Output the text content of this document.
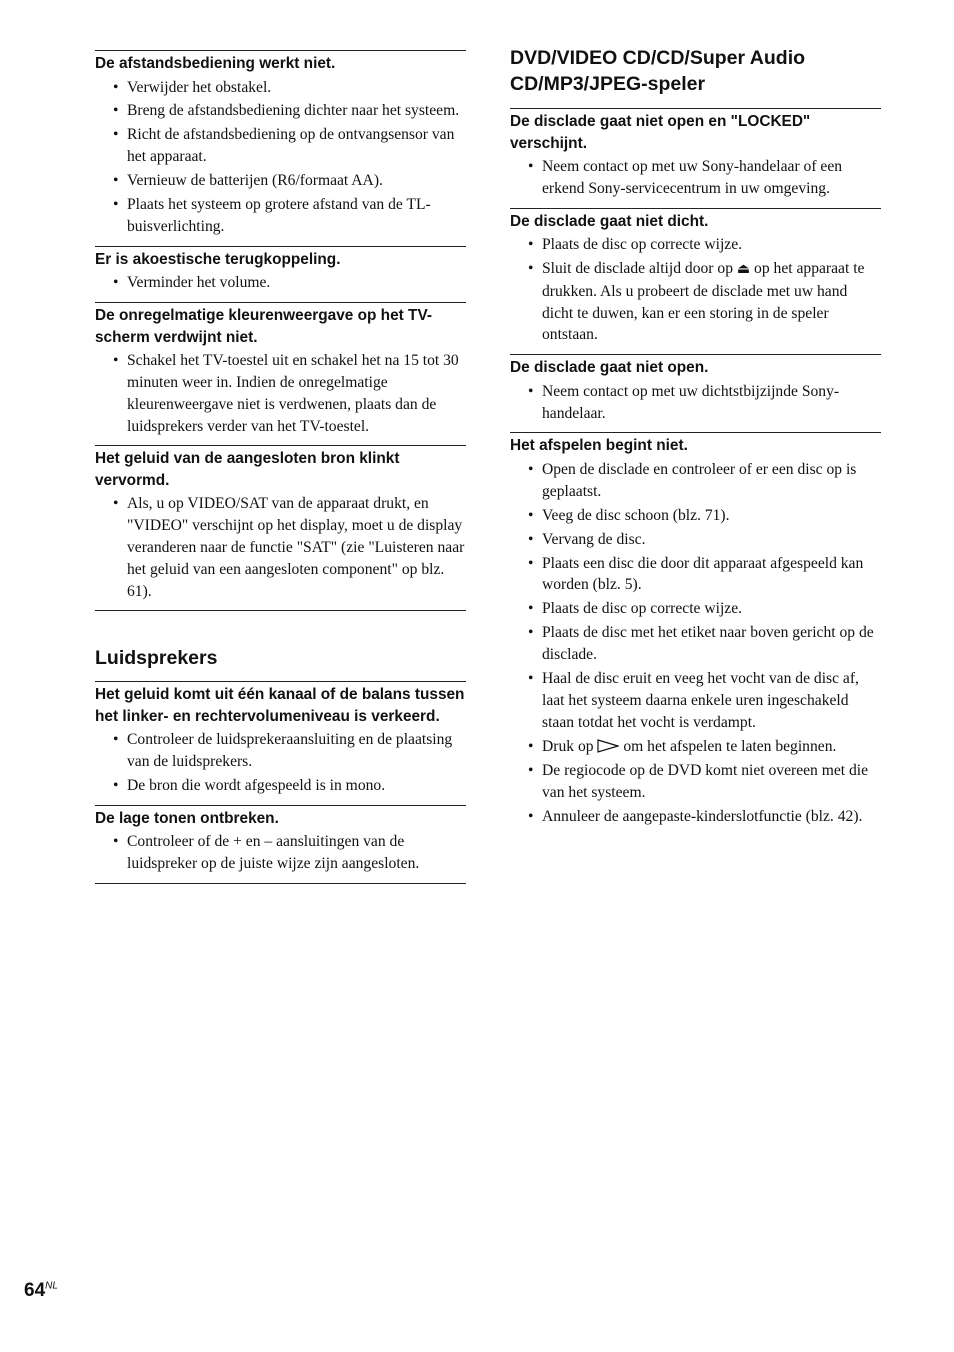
De afstandsbediening werkt niet.

• Verwijder het obstakel.
• Breng de afstandsbediening dichter naar het systeem.
• Richt de afstandsbediening op de ontvangsensor van het apparaat.
• Vernieuw de batterijen (R6/formaat AA).
• Plaats het systeem op grotere afstand van de TL-buisverlichting.

Er is akoestische terugkoppeling.

• Verminder het volume.

De onregelmatige kleurenweergave op het TV-scherm verdwijnt niet.

• Schakel het TV-toestel uit en schakel het na 15 tot 30 minuten weer in. Indien de onregelmatige kleurenweergave niet is verdwenen, plaats dan de luidsprekers verder van het TV-toestel.

Het geluid van de aangesloten bron klinkt vervormd.

• Als, u op VIDEO/SAT van de apparaat drukt, en "VIDEO" verschijnt op het display, moet u de display veranderen naar de functie "SAT" (zie "Luisteren naar het geluid van een aangesloten component" op blz. 61).
Luidsprekers

Het geluid komt uit één kanaal of de balans tussen het linker- en rechtervolumeniveau is verkeerd.

• Controleer de luidsprekeraansluiting en de plaatsing van de luidsprekers.
• De bron die wordt afgespeeld is in mono.

De lage tonen ontbreken.

• Controleer of de + en – aansluitingen van de luidspreker op de juiste wijze zijn aangesloten.
DVD/VIDEO CD/CD/Super Audio CD/MP3/JPEG-speler

De disclade gaat niet open en "LOCKED" verschijnt.

• Neem contact op met uw Sony-handelaar of een erkend Sony-servicecentrum in uw omgeving.

De disclade gaat niet dicht.

• Plaats de disc op correcte wijze.
• Sluit de disclade altijd door op ⏏ op het apparaat te drukken. Als u probeert de disclade met uw hand dicht te duwen, kan er een storing in de speler ontstaan.

De disclade gaat niet open.

• Neem contact op met uw dichtstbijzijnde Sony-handelaar.

Het afspelen begint niet.

• Open de disclade en controleer of er een disc op is geplaatst.
• Veeg de disc schoon (blz. 71).
• Vervang de disc.
• Plaats een disc die door dit apparaat afgespeeld kan worden (blz. 5).
• Plaats de disc op correcte wijze.
• Plaats de disc met het etiket naar boven gericht op de disclade.
• Haal de disc eruit en veeg het vocht van de disc af, laat het systeem daarna enkele uren ingeschakeld staan totdat het vocht is verdampt.
• Druk op om het afspelen te laten beginnen.
• De regiocode op de DVD komt niet overeen met die van het systeem.
• Annuleer de aangepaste-kinderslotfunctie (blz. 42).
$64^{NL}$
